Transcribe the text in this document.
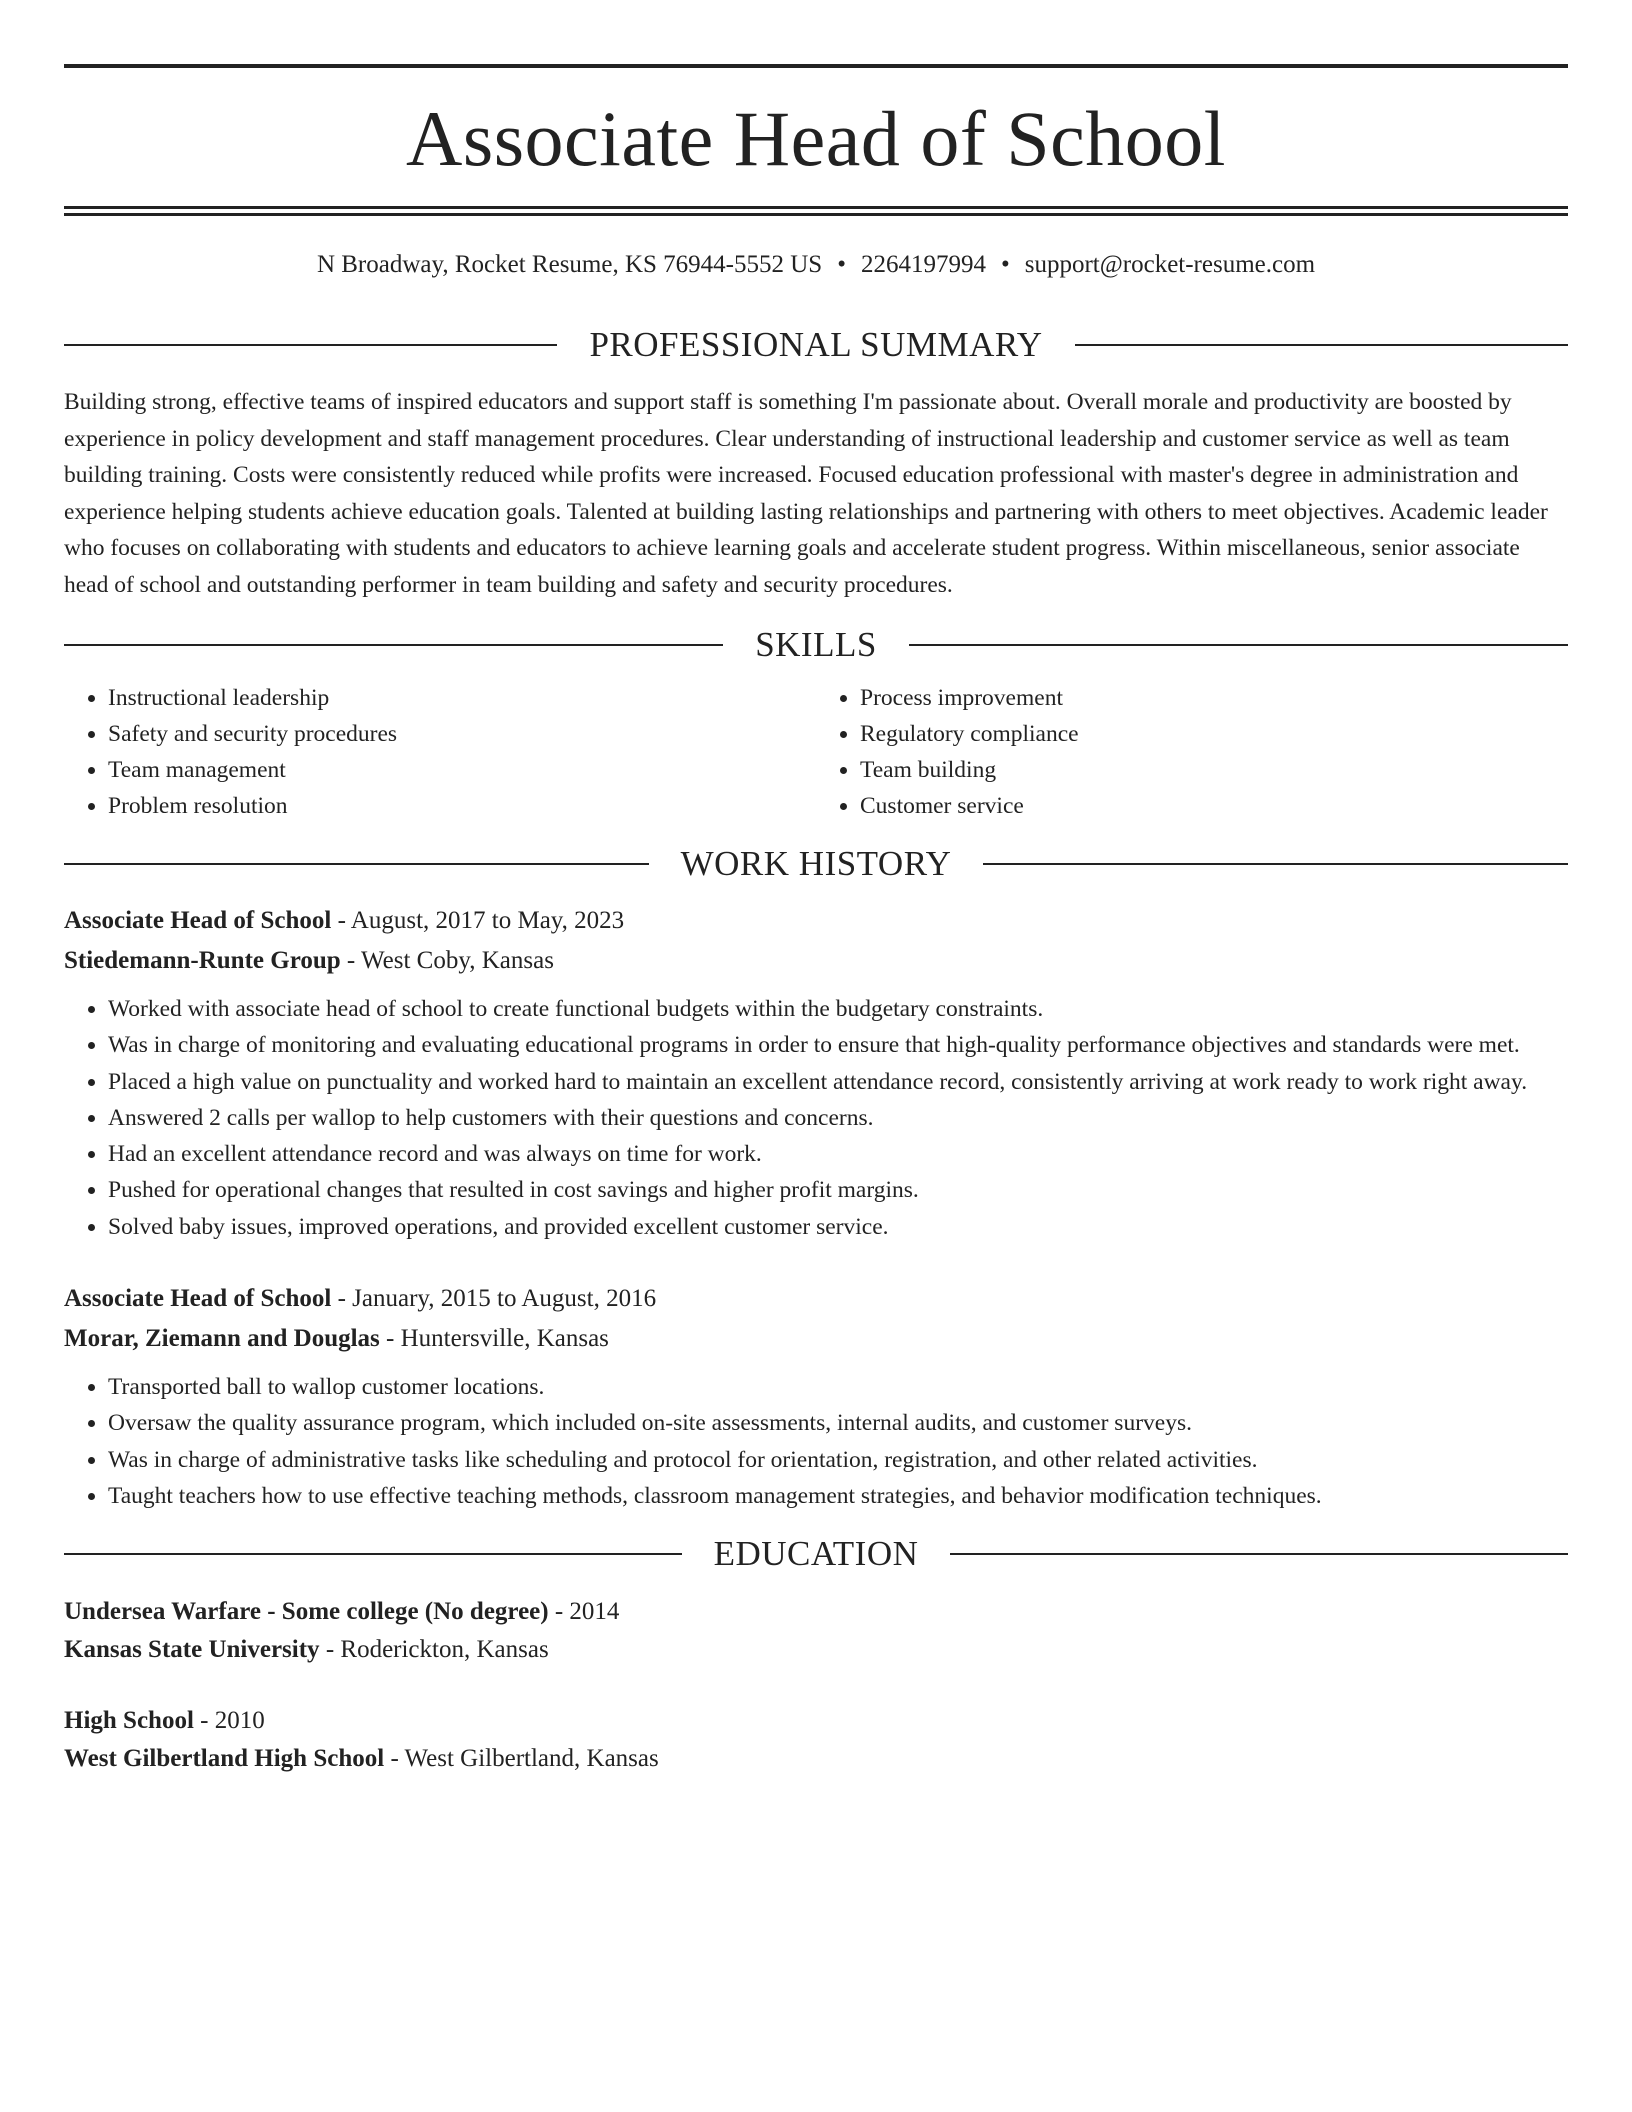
Associate Head of School
N Broadway, Rocket Resume, KS 76944-5552 US • 2264197994 • support@rocket-resume.com
PROFESSIONAL SUMMARY

Building strong, effective teams of inspired educators and support staff is something I'm passionate about. Overall morale and productivity are boosted by experience in policy development and staff management procedures. Clear understanding of instructional leadership and customer service as well as team building training. Costs were consistently reduced while profits were increased. Focused education professional with master's degree in administration and experience helping students achieve education goals. Talented at building lasting relationships and partnering with others to meet objectives. Academic leader who focuses on collaborating with students and educators to achieve learning goals and accelerate student progress. Within miscellaneous, senior associate head of school and outstanding performer in team building and safety and security procedures.

SKILLS
• Instructional leadership
• Safety and security procedures
• Team management
• Problem resolution
• Process improvement
• Regulatory compliance
• Team building
• Customer service
WORK HISTORY
Associate Head of School - August, 2017 to May, 2023
Stiedemann-Runte Group - West Coby, Kansas
• Worked with associate head of school to create functional budgets within the budgetary constraints.
• Was in charge of monitoring and evaluating educational programs in order to ensure that high-quality performance objectives and standards were met.
• Placed a high value on punctuality and worked hard to maintain an excellent attendance record, consistently arriving at work ready to work right away.
• Answered 2 calls per wallop to help customers with their questions and concerns.
• Had an excellent attendance record and was always on time for work.
• Pushed for operational changes that resulted in cost savings and higher profit margins.
• Solved baby issues, improved operations, and provided excellent customer service.
Associate Head of School - January, 2015 to August, 2016
Morar, Ziemann and Douglas - Huntersville, Kansas
• Transported ball to wallop customer locations.
• Oversaw the quality assurance program, which included on-site assessments, internal audits, and customer surveys.
• Was in charge of administrative tasks like scheduling and protocol for orientation, registration, and other related activities.
• Taught teachers how to use effective teaching methods, classroom management strategies, and behavior modification techniques.
EDUCATION
Undersea Warfare - Some college (No degree) - 2014
Kansas State University - Roderickton, Kansas
High School - 2010
West Gilbertland High School - West Gilbertland, Kansas
